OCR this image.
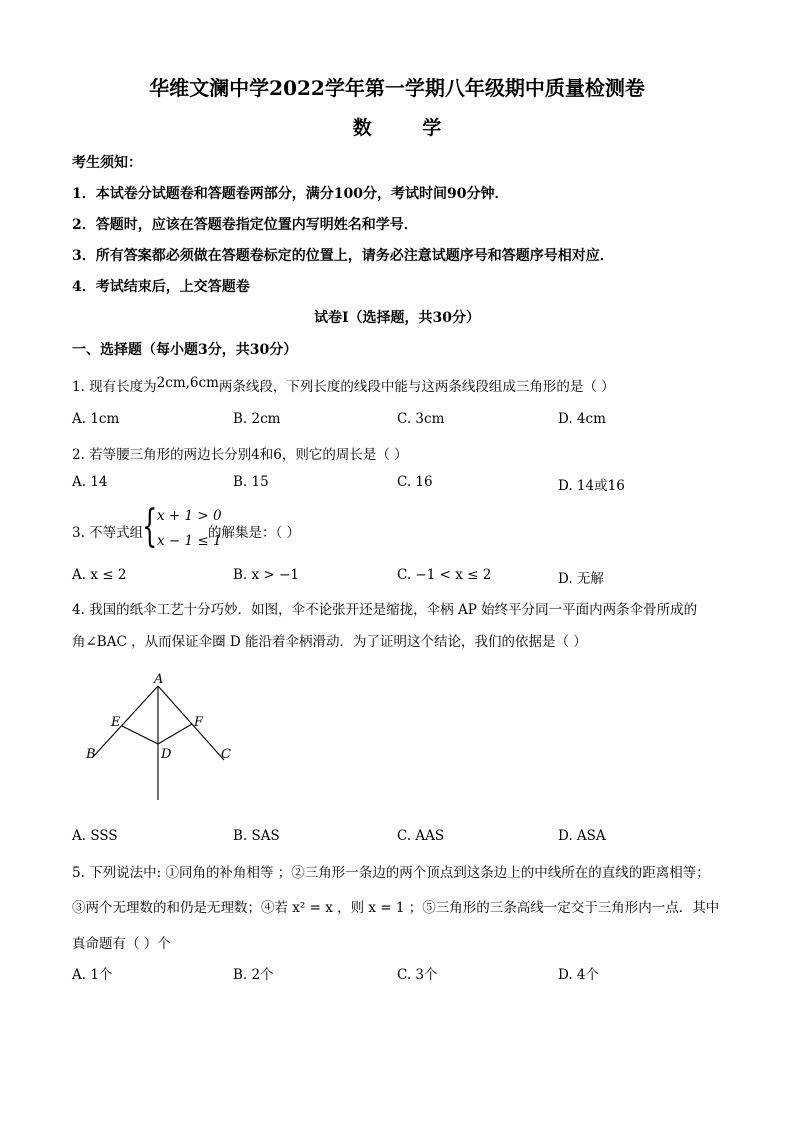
华维文澜中学2022学年第一学期八年级期中质量检测卷
数 学
考生须知：
1．本试卷分试题卷和答题卷两部分，满分100分，考试时间90分钟．
2．答题时，应该在答题卷指定位置内写明姓名和学号．
3．所有答案都必须做在答题卷标定的位置上，请务必注意试题序号和答题序号相对应．
4．考试结束后，上交答题卷
试卷Ⅰ（选择题，共30分）
一、选择题（每小题3分，共30分）
1. 现有长度为2cm,6cm两条线段，下列长度的线段中能与这两条线段组成三角形的是（ ）
A. 1cm	B. 2cm	C. 3cm	D. 4cm
2. 若等腰三角形的两边长分别4和6，则它的周长是（ ）
A. 14	B. 15	C. 16	D. 14或16
3. 不等式组
{ x + 1 > 0
x − 1 ≤ 1
的解集是：（ ）
A. x ≤ 2	B. x > −1	C. −1 < x ≤ 2	D. 无解
4. 我国的纸伞工艺十分巧妙．如图，伞不论张开还是缩拢，伞柄 AP 始终平分同一平面内两条伞骨所成的
角∠BAC ，从而保证伞圈 D 能沿着伞柄滑动．为了证明这个结论，我们的依据是（ ）
A
E	F
B	D	C
A. SSS	B. SAS	C. AAS	D. ASA
5. 下列说法中: ①同角的补角相等 ；②三角形一条边的两个顶点到这条边上的中线所在的直线的距离相等；
③两个无理数的和仍是无理数；④若 x² = x ，则 x = 1 ；⑤三角形的三条高线一定交于三角形内一点．其中
真命题有（ ）个
A. 1个	B. 2个	C. 3个	D. 4个
